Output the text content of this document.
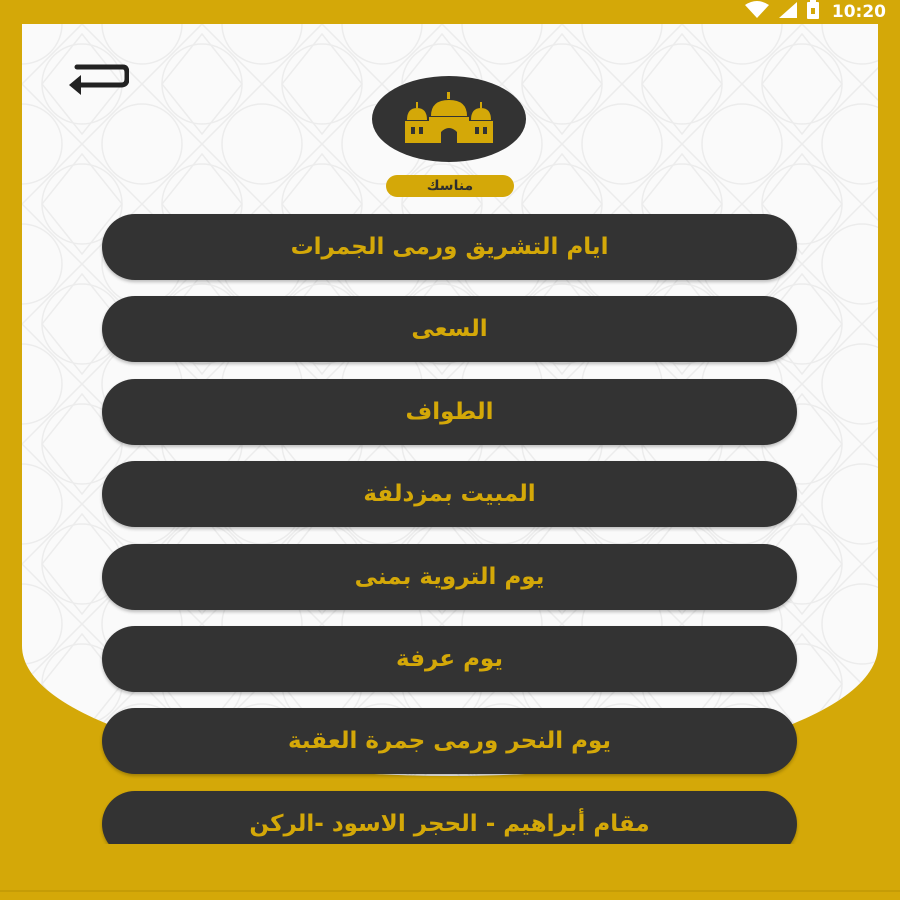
10:20
مناسك
ايام التشريق ورمى الجمرات
السعى
الطواف
المبيت بمزدلفة
يوم التروية بمنى
يوم عرفة
يوم النحر ورمى جمرة العقبة
مقام أبراهيم - الحجر الاسود -الركن
